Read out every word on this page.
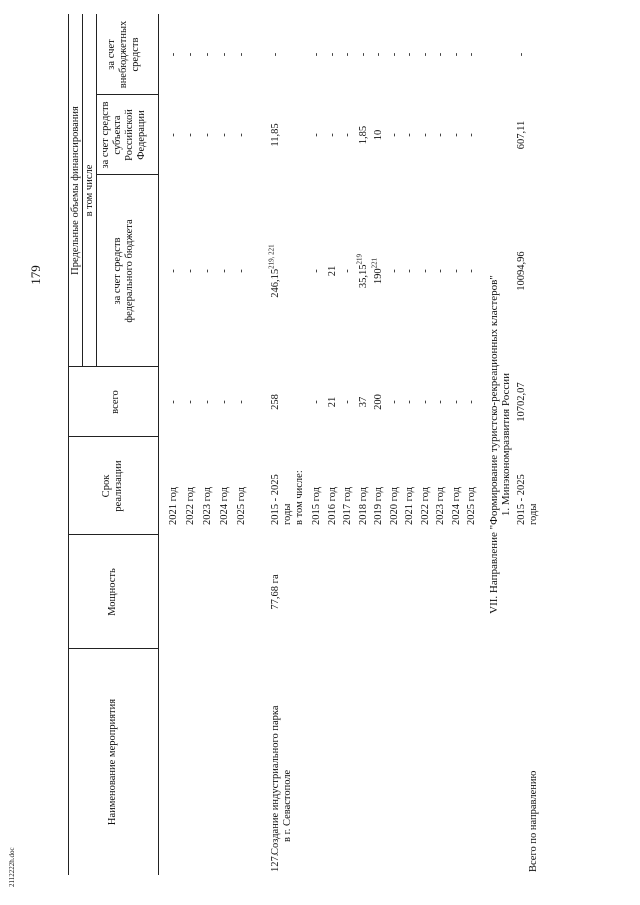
179
2112222h.doc
Наименование мероприятия
Мощность
Срок реализации
всего
Предельные объемы финансирования в том числе
за счет средств федерального бюджета
за счет средств субъекта Российской Федерации
за счет внебюджетных средств
2021 год
-
-
-
-
2022 год
-
-
-
-
2023 год
-
-
-
-
2024 год
-
-
-
-
2025 год
-
-
-
-
2015 год
-
-
-
-
2016 год
21
21
-
-
2017 год
-
-
-
-
2018 год
37
35,15$^{219}$
1,85
-
2019 год
200
$190^{221}$
10
-
2020 год
-
-
-
-
2021 год
-
-
-
-
2022 год
-
-
-
-
2023 год
-
-
-
-
2024 год
-
-
-
-
2025 год
-
-
-
-
127.
Создание индустриального парка в г. Севастополе
77,68 га
2015 - 2025 годы
258
246,15$^{219, 221}$
11,85
-
в том числе:	VII. Направление "Формирование туристско-рекреационных кластеров" 1. Минэкономразвития России
Всего по направлению
2015 - 2025 годы
10702,07
10094,96
607,11
-
